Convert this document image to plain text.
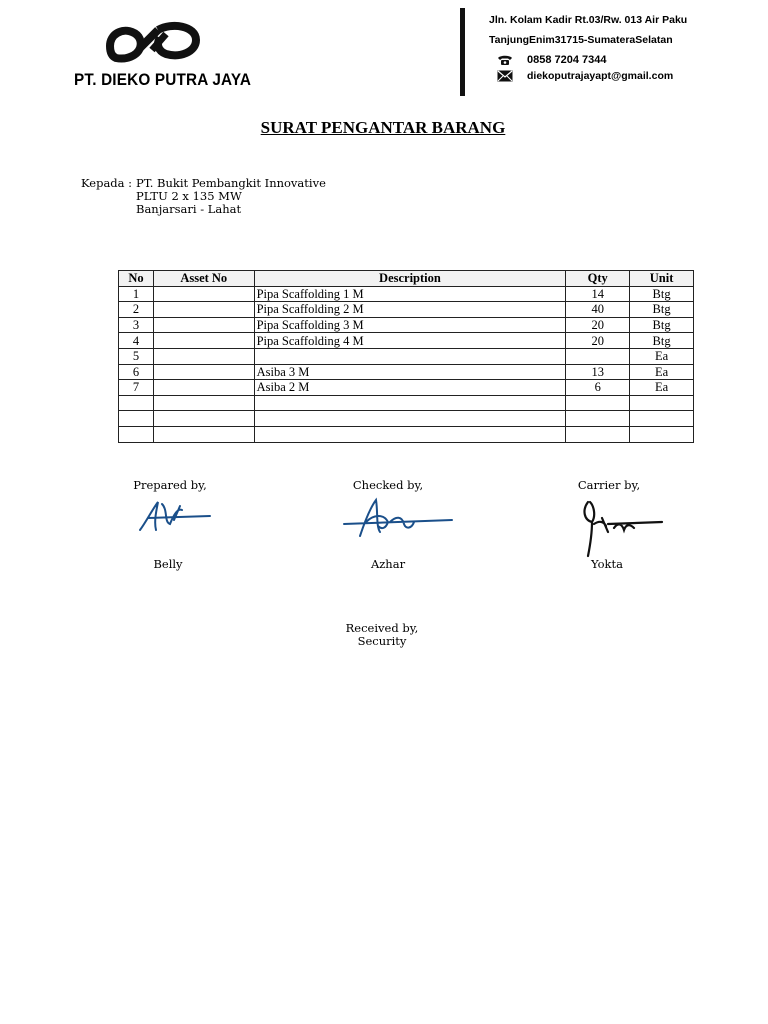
PT. DIEKO PUTRA JAYA
Jln. Kolam Kadir Rt.03/Rw. 013 Air Paku
TanjungEnim31715-SumateraSelatan
0858 7204 7344
diekoputrajayapt@gmail.com
SURAT PENGANTAR BARANG
Kepada : PT. Bukit Pembangkit Innovative
PLTU 2 x 135 MW
Banjarsari - Lahat
No	Asset No	Description	Qty	Unit
1		Pipa Scaffolding 1 M	14	Btg
2		Pipa Scaffolding 2 M	40	Btg
3		Pipa Scaffolding 3 M	20	Btg
4		Pipa Scaffolding 4 M	20	Btg
5				Ea
6		Asiba 3 M	13	Ea
7		Asiba 2 M	6	Ea

Prepared by,	Checked by,	Carrier by,
Belly	Azhar	Yokta
Received by,
Security
